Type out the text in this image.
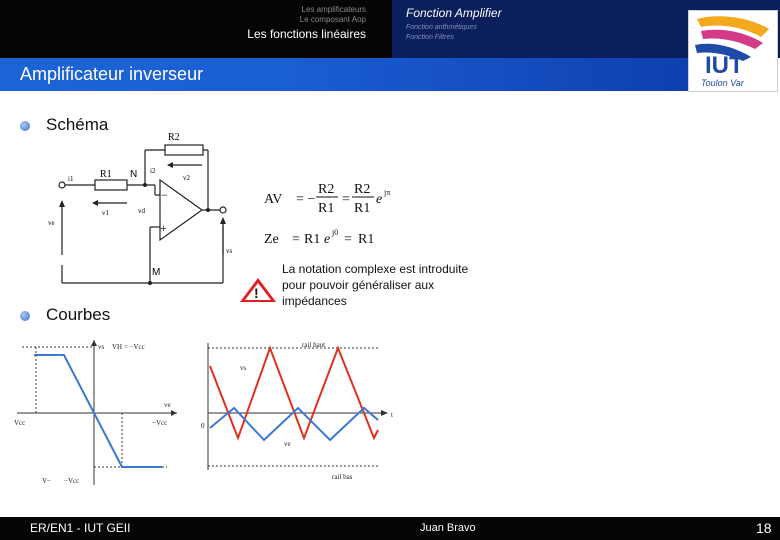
Les amplificateurs
Le composant Aop
Les fonctions linéaires
Fonction Amplifier
Fonction arithmétiques
Fonction Filtres
Amplificateur inverseur	IUT
Toulon Var
Schéma
Courbes
R2
R1 N
M
i1
i2
v2
v1	vd
ve
vs
−
+
AV = −
R2
R1
=
R2
R1
e jπ
Ze = R1 e j0 = R1
!
La notation complexe est introduite pour pouvoir généraliser aux impédances
vs VH = −Vcc
ve
Vcc	−Vcc
V− −Vcc
rail haut
rail bas
vs
ve
t
0
ER/EN1 - IUT GEII	Juan Bravo	18
